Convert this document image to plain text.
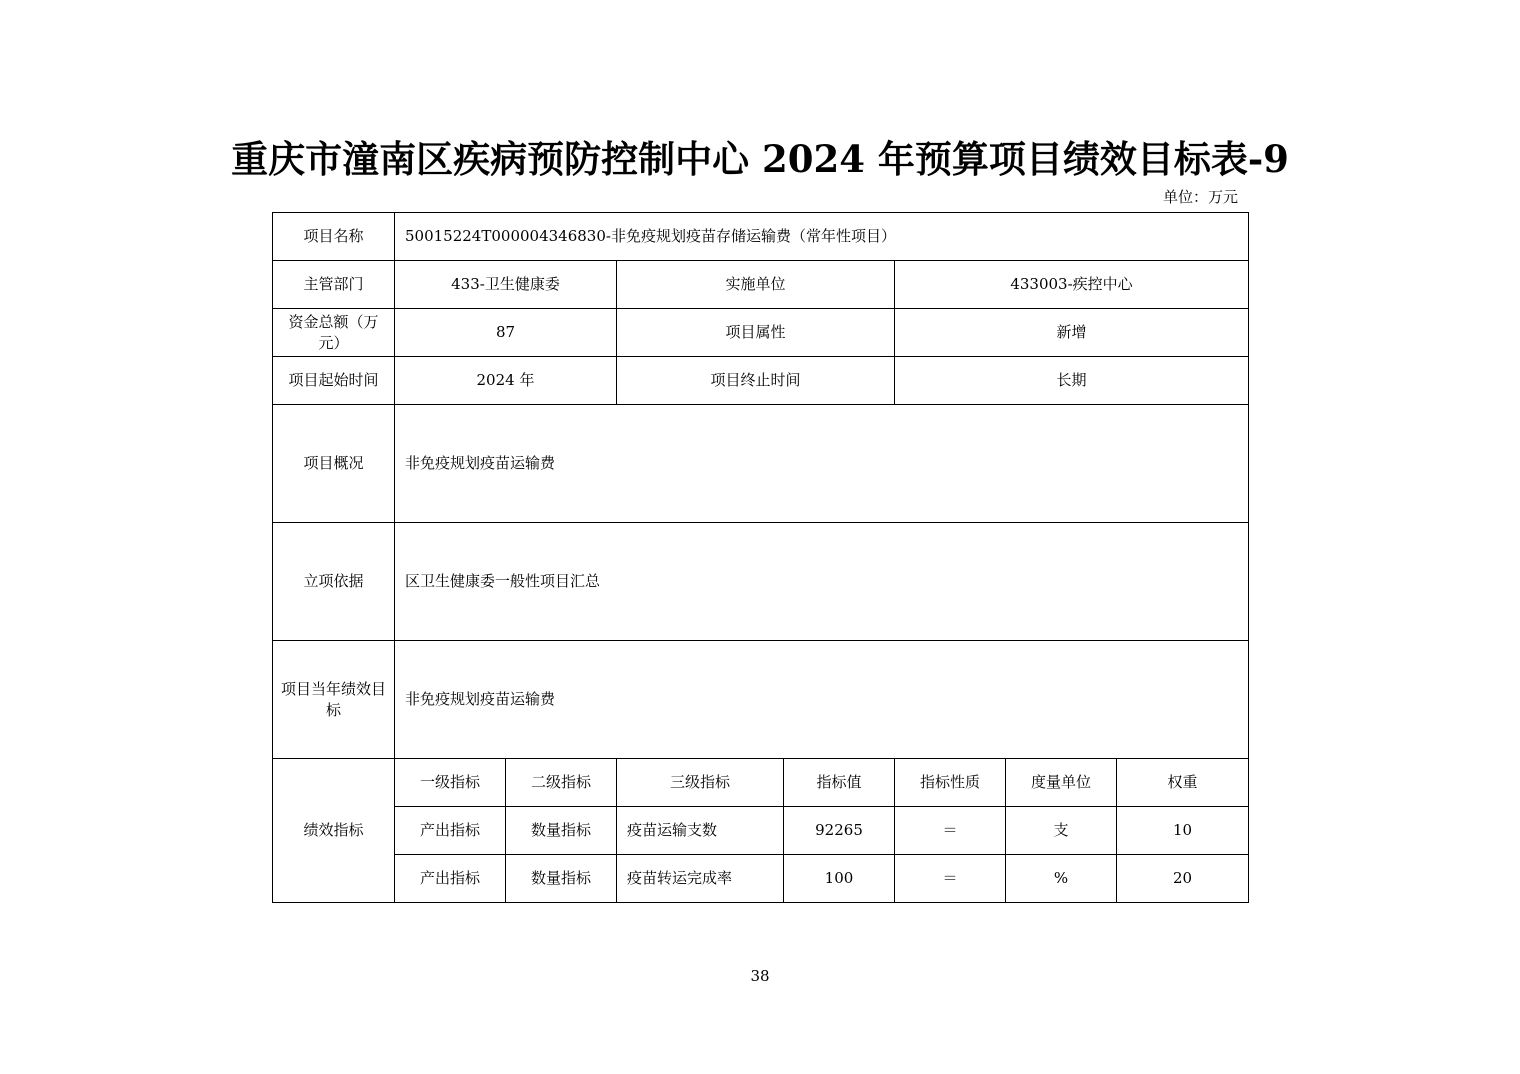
重庆市潼南区疾病预防控制中心 2024 年预算项目绩效目标表-9
单位：万元
项目名称	50015224T000004346830-非免疫规划疫苗存储运输费（常年性项目）						
主管部门	433-卫生健康委		实施单位		433003-疾控中心		
资金总额（万元）	87		项目属性		新增		
项目起始时间	2024 年		项目终止时间		长期		
项目概况	非免疫规划疫苗运输费						
立项依据	区卫生健康委一般性项目汇总						
项目当年绩效目标	非免疫规划疫苗运输费						
绩效指标	一级指标	二级指标	三级指标	指标值	指标性质	度量单位	权重
	产出指标	数量指标	疫苗运输支数	92265	＝	支	10
	产出指标	数量指标	疫苗转运完成率	100	＝	%	20
38
